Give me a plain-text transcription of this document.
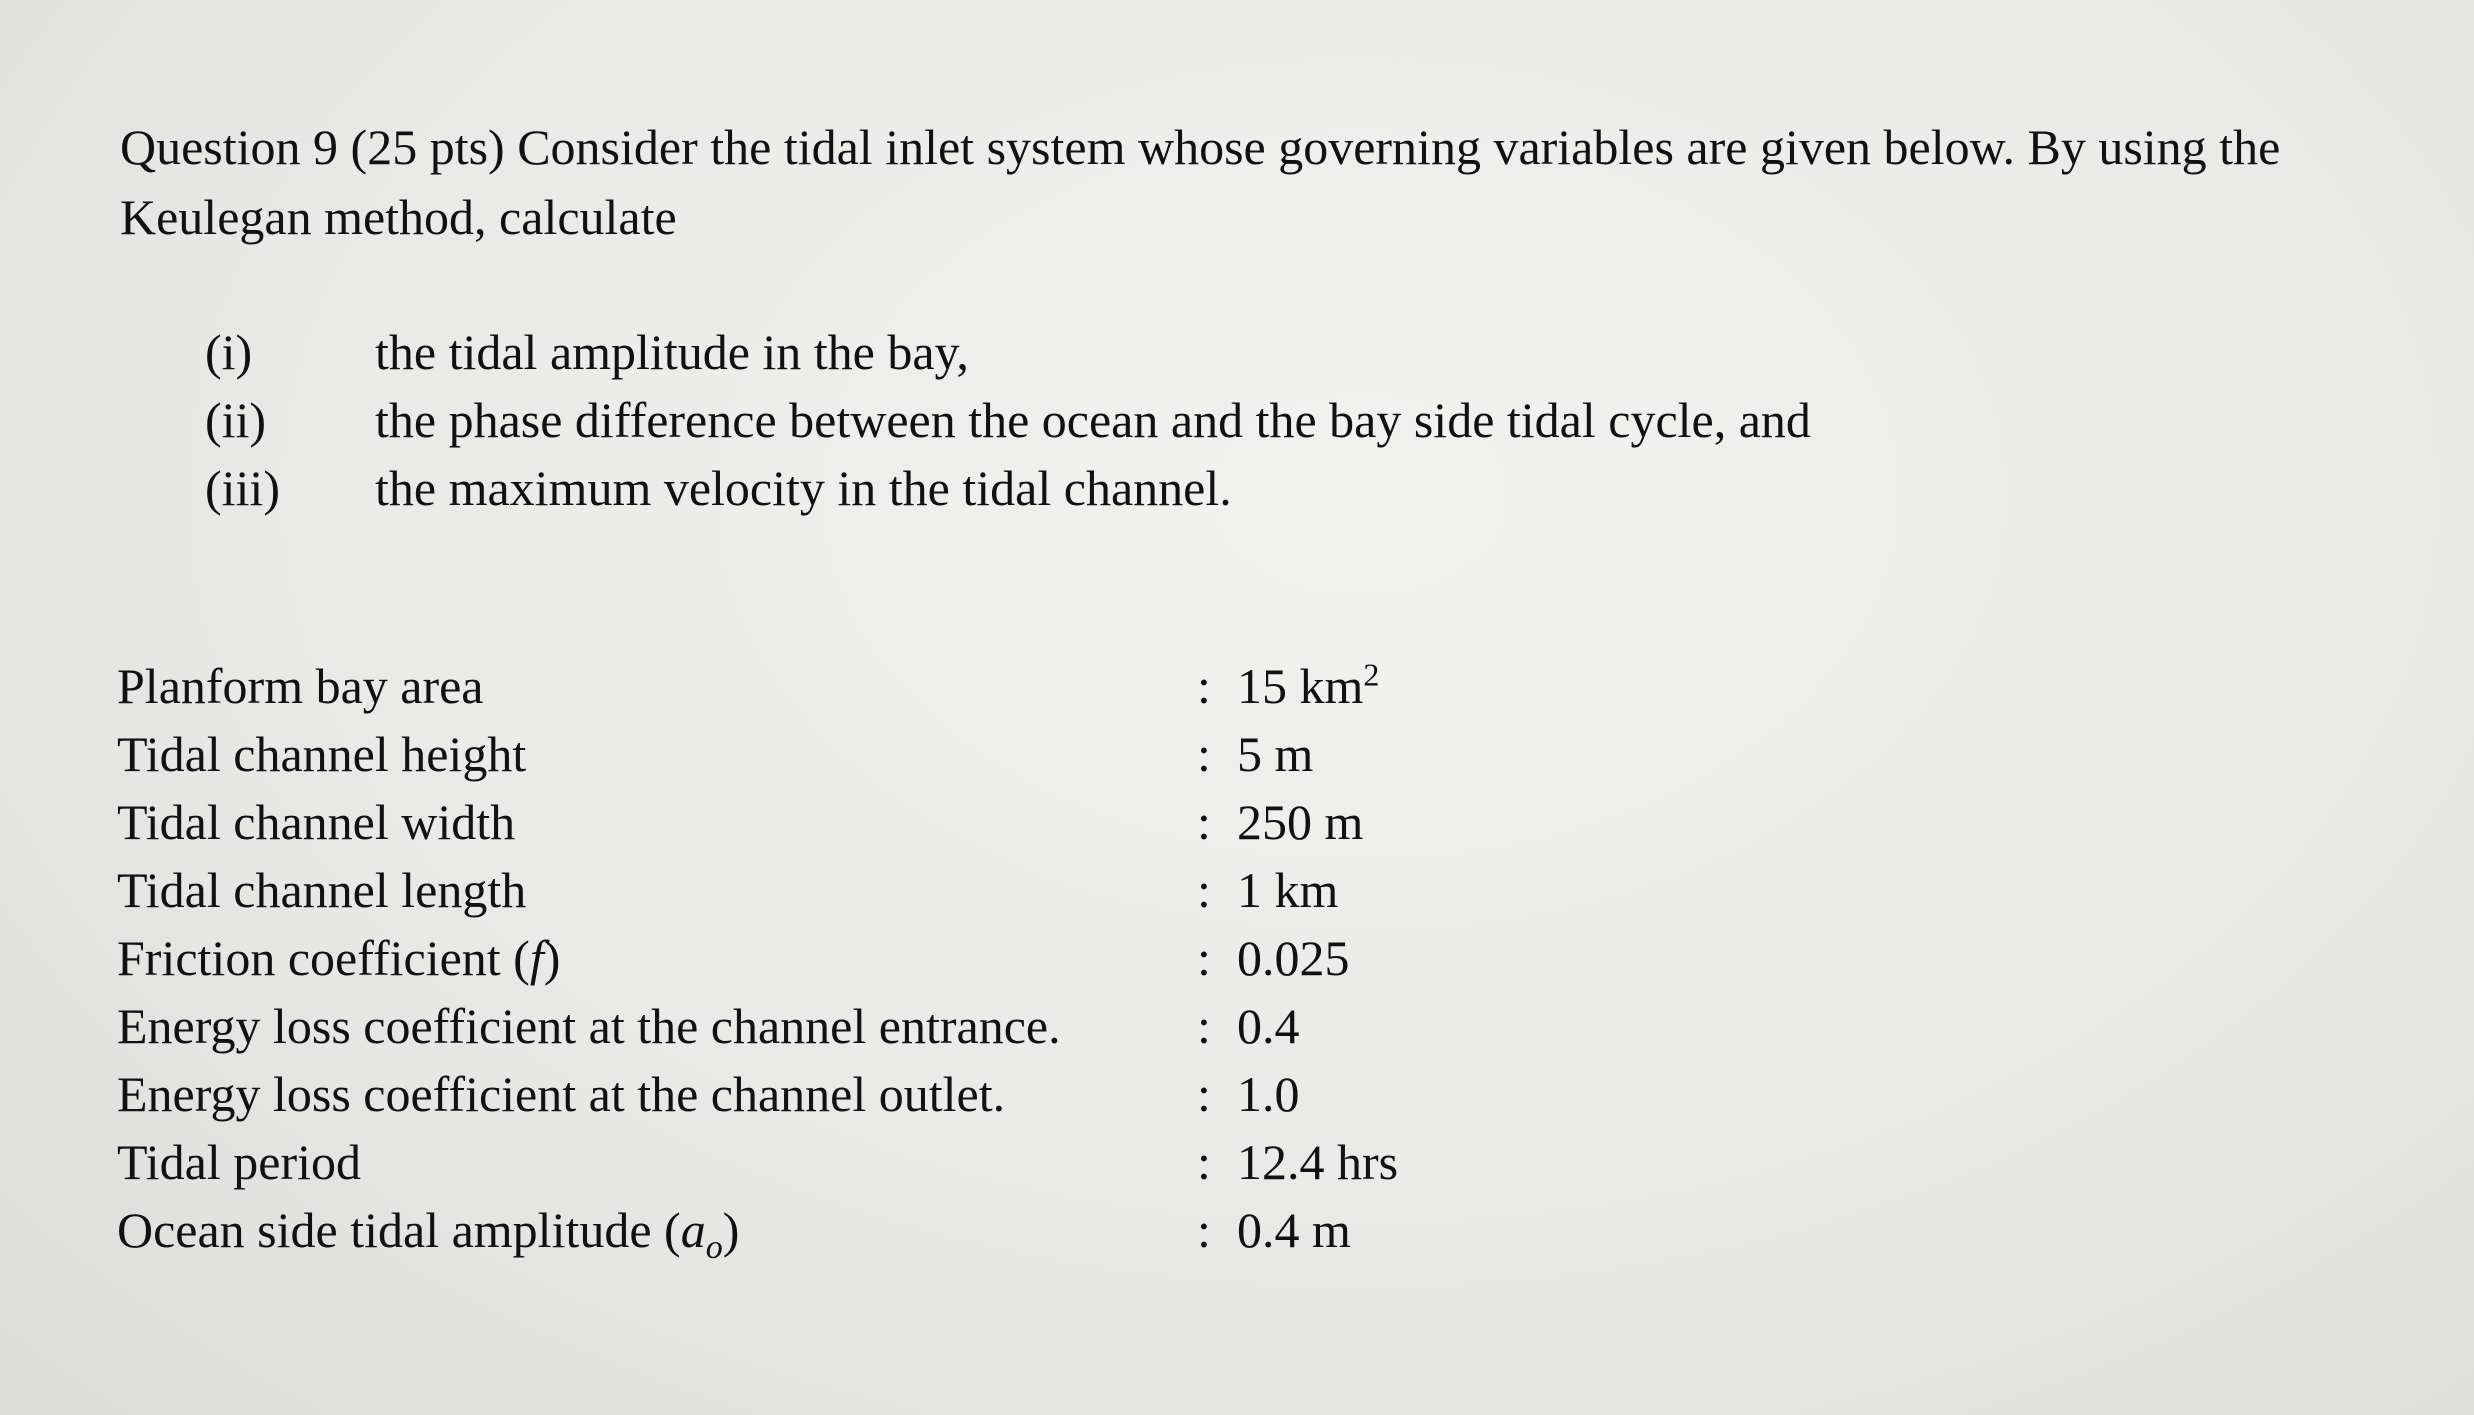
Question 9 (25 pts) Consider the tidal inlet system whose governing variables are given below. By using the Keulegan method, calculate

(i)	the tidal amplitude in the bay,
(ii)	the phase difference between the ocean and the bay side tidal cycle, and
(iii)	the maximum velocity in the tidal channel.
Planform bay area	: 15 $km^2$
Tidal channel height	: 5 m
Tidal channel width	: 250 m
Tidal channel length	: 1 km
Friction coefficient (f)	: 0.025
Energy loss coefficient at the channel entrance.	: 0.4
Energy loss coefficient at the channel outlet.	: 1.0
Tidal period	: 12.4 hrs
Ocean side tidal amplitude $(a_o)$	: 0.4 m
